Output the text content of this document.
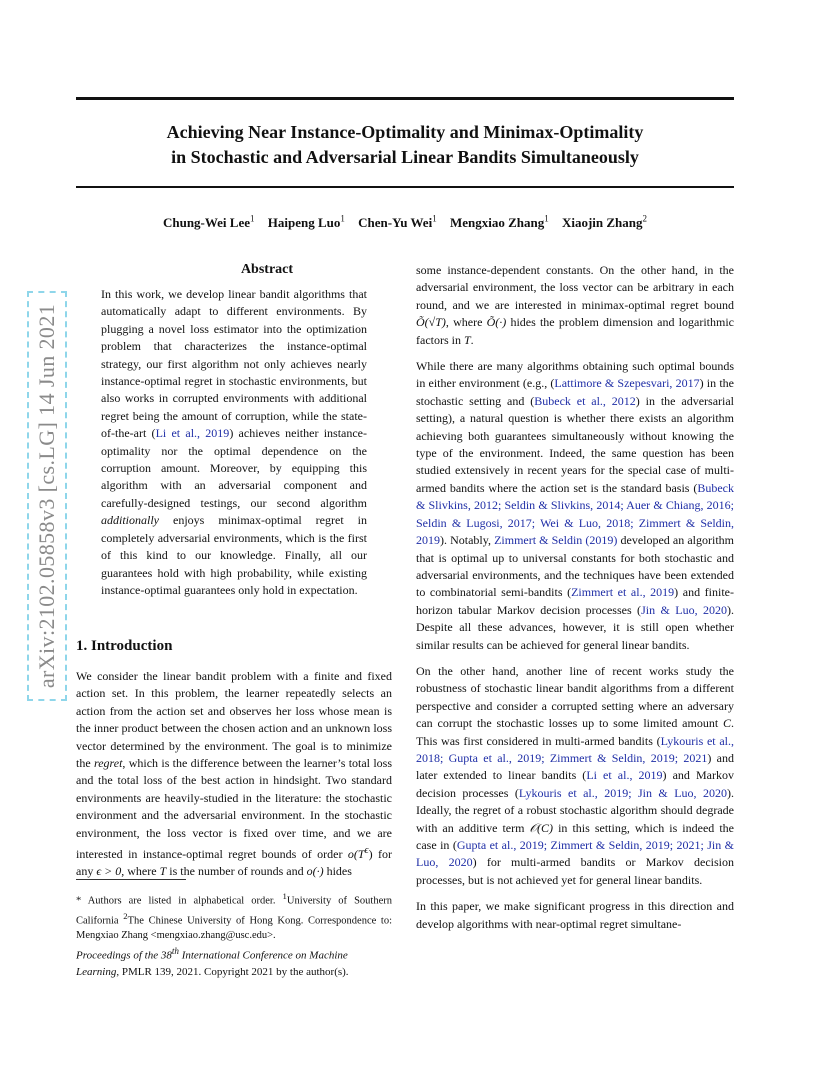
arXiv:2102.05858v3 [cs.LG] 14 Jun 2021
Achieving Near Instance-Optimality and Minimax-Optimality
in Stochastic and Adversarial Linear Bandits Simultaneously
Chung-Wei Lee$^1$ Haipeng Luo$^1$ Chen-Yu Wei$^1$ Mengxiao Zhang$^1$ Xiaojin Zhang$^2$
Abstract

In this work, we develop linear bandit algorithms that automatically adapt to different environments. By plugging a novel loss estimator into the optimization problem that characterizes the instance-optimal strategy, our first algorithm not only achieves nearly instance-optimal regret in stochastic environments, but also works in corrupted environments with additional regret being the amount of corruption, while the state-of-the-art (Li et al., 2019) achieves neither instance-optimality nor the optimal dependence on the corruption amount. Moreover, by equipping this algorithm with an adversarial component and carefully-designed testings, our second algorithm additionally enjoys minimax-optimal regret in completely adversarial environments, which is the first of this kind to our knowledge. Finally, all our guarantees hold with high probability, while existing instance-optimal guarantees only hold in expectation.

1. Introduction

We consider the linear bandit problem with a finite and fixed action set. In this problem, the learner repeatedly selects an action from the action set and observes her loss whose mean is the inner product between the chosen action and an unknown loss vector determined by the environment. The goal is to minimize the regret, which is the difference between the learner’s total loss and the total loss of the best action in hindsight. Two standard environments are heavily-studied in the literature: the stochastic environment and the adversarial environment. In the stochastic environment, the loss vector is fixed over time, and we are interested in instance-optimal regret bounds of order $o(T^\epsilon)$ for any ϵ > 0, where T is the number of rounds and o(·) hides

* Authors are listed in alphabetical order. $^1$University of Southern California $^2$The Chinese University of Hong Kong. Correspondence to: Mengxiao Zhang <mengxiao.zhang@usc.edu>.
Proceedings of the 38th International Conference on Machine Learning, PMLR 139, 2021. Copyright 2021 by the author(s).

some instance-dependent constants. On the other hand, in the adversarial environment, the loss vector can be arbitrary in each round, and we are interested in minimax-optimal regret bound Õ(√T), where Õ(·) hides the problem dimension and logarithmic factors in T.

While there are many algorithms obtaining such optimal bounds in either environment (e.g., (Lattimore & Szepesvari, 2017) in the stochastic setting and (Bubeck et al., 2012) in the adversarial setting), a natural question is whether there exists an algorithm achieving both guarantees simultaneously without knowing the type of the environment. Indeed, the same question has been studied extensively in recent years for the special case of multi-armed bandits where the action set is the standard basis (Bubeck & Slivkins, 2012; Seldin & Slivkins, 2014; Auer & Chiang, 2016; Seldin & Lugosi, 2017; Wei & Luo, 2018; Zimmert & Seldin, 2019). Notably, Zimmert & Seldin (2019) developed an algorithm that is optimal up to universal constants for both stochastic and adversarial environments, and the techniques have been extended to combinatorial semi-bandits (Zimmert et al., 2019) and finite-horizon tabular Markov decision processes (Jin & Luo, 2020). Despite all these advances, however, it is still open whether similar results can be achieved for general linear bandits.

On the other hand, another line of recent works study the robustness of stochastic linear bandit algorithms from a different perspective and consider a corrupted setting where an adversary can corrupt the stochastic losses up to some limited amount C. This was first considered in multi-armed bandits (Lykouris et al., 2018; Gupta et al., 2019; Zimmert & Seldin, 2019; 2021) and later extended to linear bandits (Li et al., 2019) and Markov decision processes (Lykouris et al., 2019; Jin & Luo, 2020). Ideally, the regret of a robust stochastic algorithm should degrade with an additive term 𝒪(C) in this setting, which is indeed the case in (Gupta et al., 2019; Zimmert & Seldin, 2019; 2021; Jin & Luo, 2020) for multi-armed bandits or Markov decision processes, but is not achieved yet for general linear bandits.

In this paper, we make significant progress in this direction and develop algorithms with near-optimal regret simultane-
